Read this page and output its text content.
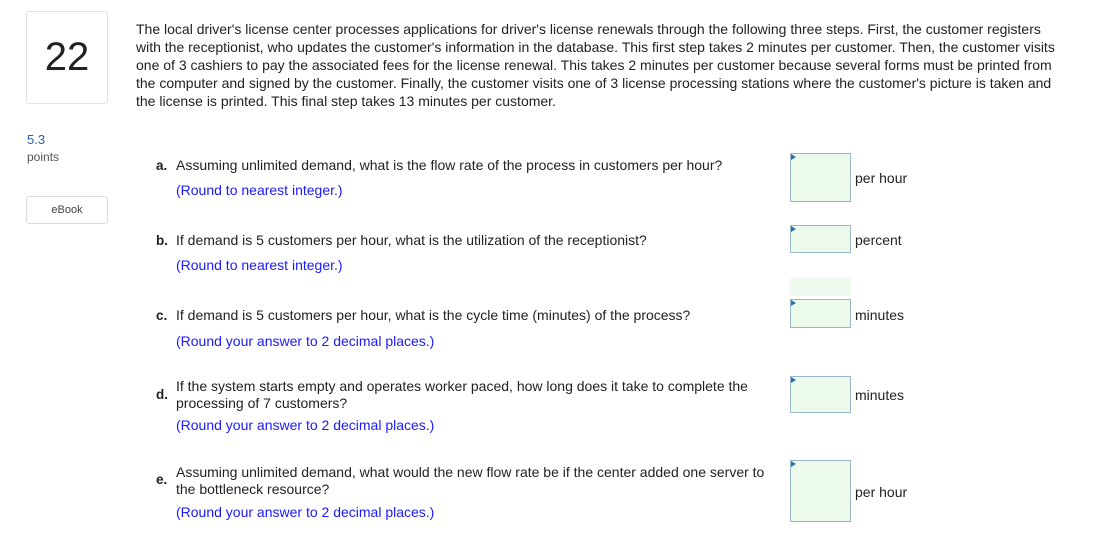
22
5.3
points
eBook
The local driver's license center processes applications for driver's license renewals through the following three steps. First, the customer registers with the receptionist, who updates the customer's information in the database. This first step takes 2 minutes per customer. Then, the customer visits one of 3 cashiers to pay the associated fees for the license renewal. This takes 2 minutes per customer because several forms must be printed from the computer and signed by the customer. Finally, the customer visits one of 3 license processing stations where the customer's picture is taken and the license is printed. This final step takes 13 minutes per customer.
a. Assuming unlimited demand, what is the flow rate of the process in customers per hour?
(Round to nearest integer.)
per hour
b. If demand is 5 customers per hour, what is the utilization of the receptionist?
(Round to nearest integer.)
percent
c. If demand is 5 customers per hour, what is the cycle time (minutes) of the process?
(Round your answer to 2 decimal places.)
minutes
d.
If the system starts empty and operates worker paced, how long does it take to complete the processing of 7 customers?
(Round your answer to 2 decimal places.)
minutes
e. Assuming unlimited demand, what would the new flow rate be if the center added one server to the bottleneck resource?
(Round your answer to 2 decimal places.)
per hour
